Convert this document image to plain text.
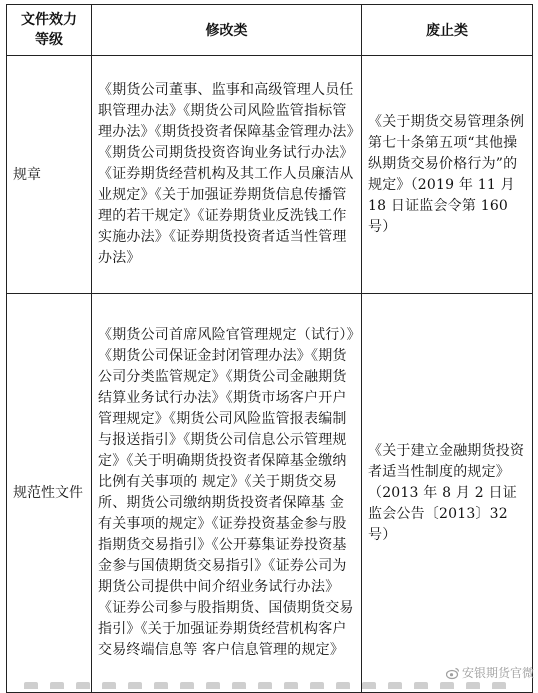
文件效力
等级	修改类	废止类
规章	《期货公司董事、监事和高级管理人员任职管理办法》《期货公司风险监管指标管理办法》《期货投资者保障基金管理办法》《期货公司期货投资咨询业务试行办法》《证券期货经营机构及其工作人员廉洁从业规定》《关于加强证券期货信息传播管理的若干规定》《证券期货业反洗钱工作实施办法》《证券期货投资者适当性管理办法》	《关于期货交易管理条例第七十条第五项“其他操纵期货交易价格行为”的规定》（2019 年 11 月 18 日证监会令第 160 号）
规范性文件	《期货公司首席风险官管理规定（试行）》《期货公司保证金封闭管理办法》《期货公司分类监管规定》《期货公司金融期货结算业务试行办法》《期货市场客户开户管理规定》《期货公司风险监管报表编制与报送指引》《期货公司信息公示管理规定》《关于明确期货投资者保障基金缴纳比例有关事项的 规定》《关于期货交易所、期货公司缴纳期货投资者保障基 金有关事项的规定》《证券投资基金参与股指期货交易指引》《公开募集证券投资基金参与国债期货交易指引》《证券公司为期货公司提供中间介绍业务试行办法》《证券公司参与股指期货、国债期货交易指引》《关于加强证券期货经营机构客户交易终端信息等 客户信息管理的规定》	《关于建立金融期货投资者适当性制度的规定》（2013 年 8 月 2 日证监会公告〔2013〕32 号）
安银期货官微
